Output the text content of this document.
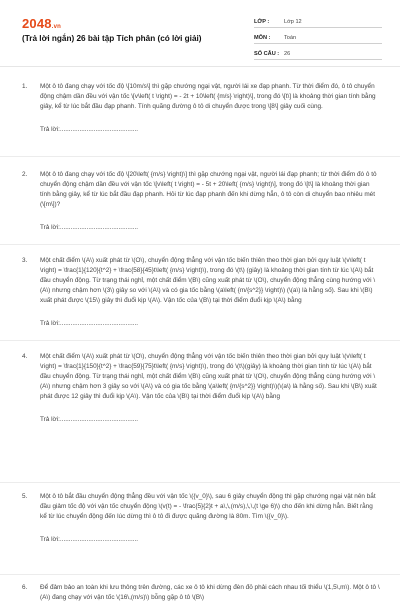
2048.vn
(Trả lời ngắn) 26 bài tập Tích phân (có lời giải)
LỚP :	Lớp 12
MÔN :	Toán
SỐ CÂU : 26
1.	Một ô tô đang chạy với tốc độ \[10m/s\] thì gặp chướng ngại vật, người lái xe đạp phanh. Từ thời điểm đó, ô tô chuyển động chậm dần đều với vận tốc \[v\left( t \right) = - 2t + 10\left( {m/s} \right)\], trong đó \[t\] là khoảng thời gian tính bằng giây, kể từ lúc bắt đầu đạp phanh. Tính quãng đường ô tô di chuyển được trong \[8\] giây cuối cùng.
Trả lời:............................................
2.	Một ô tô đang chạy với tốc độ \[20\left( {m/s} \right)\] thì gặp chướng ngại vật, người lái đạp phanh; từ thời điểm đó ô tô chuyển động chậm dần đều với vận tốc \[v\left( t \right) = - 5t + 20\left( {m/s} \right)\], trong đó \[t\] là khoảng thời gian tính bằng giây, kể từ lúc bắt đầu đạp phanh. Hỏi từ lúc đạp phanh đến khi dừng hẳn, ô tô còn di chuyển bao nhiêu mét (\[m\])?
Trả lời:............................................
3.	Một chất điểm \(A\) xuất phát từ \(O\), chuyển động thẳng với vận tốc biến thiên theo thời gian bởi quy luật \(v\left( t \right) = \frac{1}{120}{t^2} + \frac{58}{45}t\left( {m/s} \right)\), trong đó \(t\) (giây) là khoảng thời gian tính từ lúc \(A\) bắt đầu chuyển động. Từ trạng thái nghỉ, một chất điểm \(B\) cũng xuất phát từ \(O\), chuyển động thẳng cùng hướng với \(A\) nhưng chậm hơn \(3\) giây so với \(A\) và có gia tốc bằng \(a\left( {m/{s^2}} \right)\) (\(a\) là hằng số). Sau khi \(B\) xuất phát được \(15\) giây thì đuổi kịp \(A\). Vận tốc của \(B\) tại thời điểm đuổi kịp \(A\) bằng
Trả lời:............................................
4.	Một chất điểm \(A\) xuất phát từ \(O\), chuyển động thẳng với vận tốc biến thiên theo thời gian bởi quy luật \(v\left( t \right) = \frac{1}{150}{t^2} + \frac{59}{75}t\left( {m/s} \right)\), trong đó \(t\)(giây) là khoảng thời gian tính từ lúc \(A\) bắt đầu chuyển động. Từ trạng thái nghỉ, một chất điểm \(B\) cũng xuất phát từ \(O\), chuyển động thẳng cùng hướng với \(A\) nhưng chậm hơn 3 giây so với \(A\) và có gia tốc bằng \(a\left( {m/{s^2}} \right)\)(\(a\) là hằng số). Sau khi \(B\) xuất phát được 12 giây thì đuổi kịp \(A\). Vận tốc của \(B\) tại thời điểm đuổi kịp \(A\) bằng
Trả lời:............................................
5.	Một ô tô bắt đầu chuyển động thẳng đều với vận tốc \({v_0}\), sau 6 giây chuyển động thì gặp chướng ngại vật nên bắt đầu giảm tốc độ với vận tốc chuyển động \(v(t) = - \frac{5}{2}t + a\,\,(m/s),\,\,(t \ge 6)\) cho đến khi dừng hẳn. Biết rằng kể từ lúc chuyển động đến lúc dừng thì ô tô đi được quãng đường là 80m. Tìm \({v_0}\).
Trả lời:............................................
6.	Để đảm bảo an toàn khi lưu thông trên đường, các xe ô tô khi dừng đèn đỏ phải cách nhau tối thiểu \(1,5\,m\). Một ô tô \(A\) đang chạy với vận tốc \(16\,(m/s)\) bỗng gặp ô tô \(B\)
